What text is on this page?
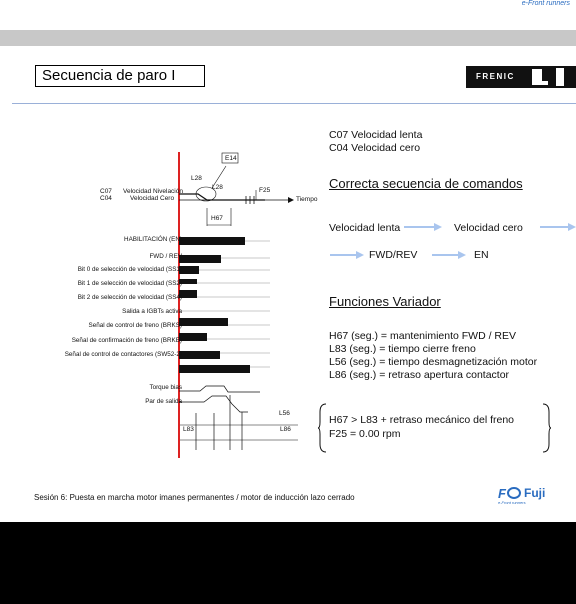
e-Front runners
Secuencia de paro I	FRENIC
C07 Velocidad lenta
C04 Velocidad cero
Correcta secuencia de comandos
Velocidad lenta	Velocidad cero
FWD/REV	EN
Funciones Variador
H67 (seg.) = mantenimiento FWD / REV
L83 (seg.) = tiempo cierre freno
L56 (seg.) = tiempo desmagnetización motor
L86 (seg.) = retraso apertura contactor
H67 > L83 + retraso mecánico del freno
F25 = 0.00 rpm
C07
C04
Velocidad Nivelación
Velocidad Cero	Tiempo
E14
L28
L28	F25
H67
L56
L83	L86
HABILITACIÓN (EN)
FWD / REV
Bit 0 de selección de velocidad (SS1)
Bit 1 de selección de velocidad (SS2)
Bit 2 de selección de velocidad (SS4)
Salida a IGBTs activa
Señal de control de freno (BRKS)
Señal de confirmación de freno (BRKE)
Señal de control de contactores (SW52-2)
Torque bias
Par de salida
Sesión 6: Puesta en marcha motor imanes permanentes / motor de inducción lazo cerrado	F Fuji
e-Front runners
